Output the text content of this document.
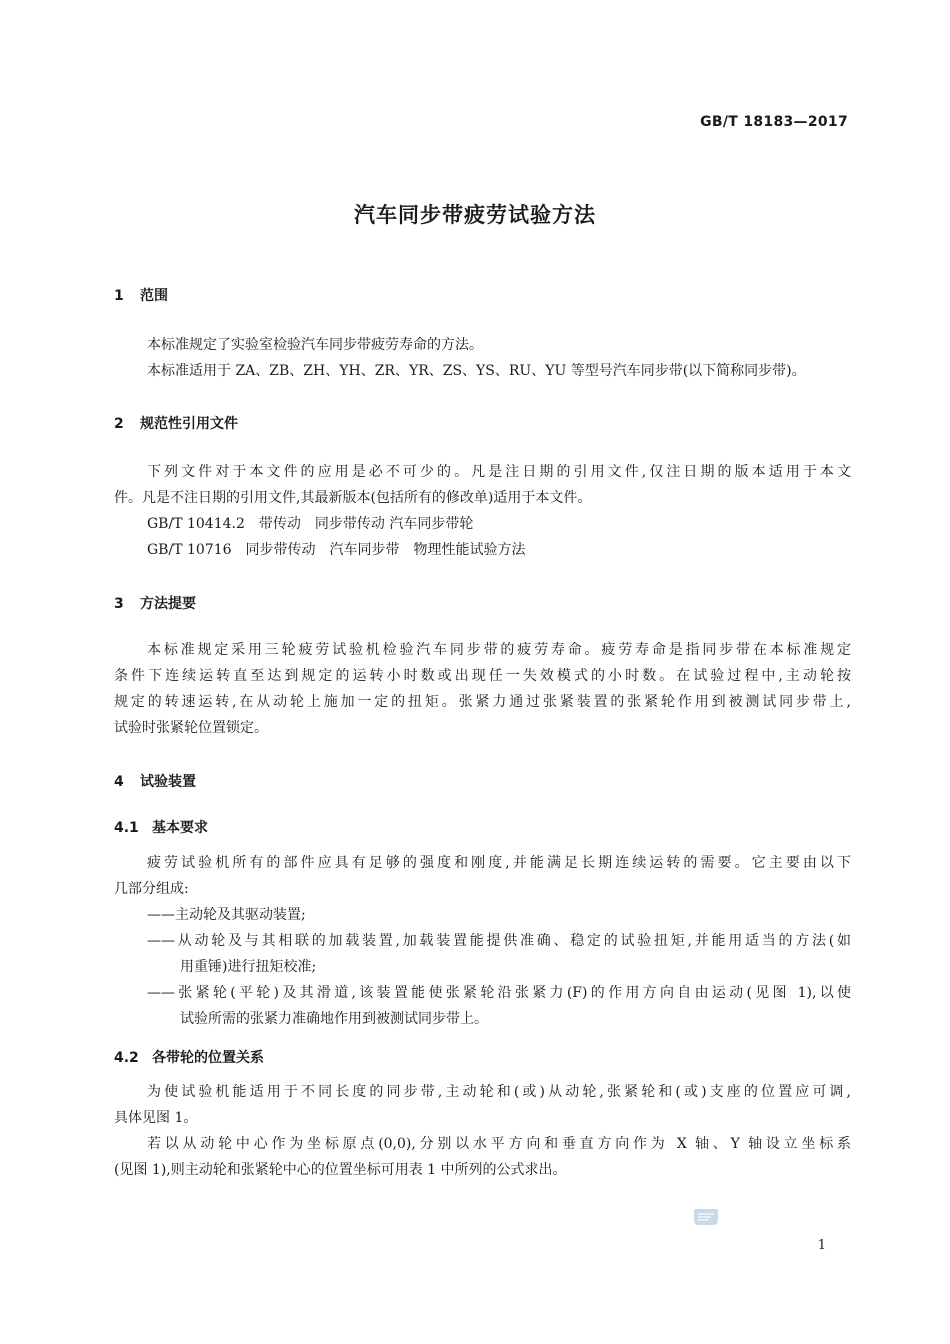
GB/T 18183—2017
汽车同步带疲劳试验方法
1 范围
本标准规定了实验室检验汽车同步带疲劳寿命的方法。
本标准适用于 ZA、ZB、ZH、YH、ZR、YR、ZS、YS、RU、YU 等型号汽车同步带(以下简称同步带)。
2 规范性引用文件
下列文件对于本文件的应用是必不可少的。凡是注日期的引用文件,仅注日期的版本适用于本文
件。凡是不注日期的引用文件,其最新版本(包括所有的修改单)适用于本文件。
GB/T 10414.2　带传动　同步带传动 汽车同步带轮
GB/T 10716　同步带传动　汽车同步带　物理性能试验方法
3 方法提要
本标准规定采用三轮疲劳试验机检验汽车同步带的疲劳寿命。疲劳寿命是指同步带在本标准规定
条件下连续运转直至达到规定的运转小时数或出现任一失效模式的小时数。在试验过程中,主动轮按
规定的转速运转,在从动轮上施加一定的扭矩。张紧力通过张紧装置的张紧轮作用到被测试同步带上,
试验时张紧轮位置锁定。
4 试验装置
4.1 基本要求
疲劳试验机所有的部件应具有足够的强度和刚度,并能满足长期连续运转的需要。它主要由以下
几部分组成:
——主动轮及其驱动装置;
——从动轮及与其相联的加载装置,加载装置能提供准确、稳定的试验扭矩,并能用适当的方法(如
用重锤)进行扭矩校准;
——张紧轮(平轮)及其滑道,该装置能使张紧轮沿张紧力(F)的作用方向自由运动(见图 1),以使
试验所需的张紧力准确地作用到被测试同步带上。
4.2 各带轮的位置关系
为使试验机能适用于不同长度的同步带,主动轮和(或)从动轮,张紧轮和(或)支座的位置应可调,
具体见图 1。
若以从动轮中心作为坐标原点(0,0),分别以水平方向和垂直方向作为 X 轴、Y 轴设立坐标系
(见图 1),则主动轮和张紧轮中心的位置坐标可用表 1 中所列的公式求出。
1
